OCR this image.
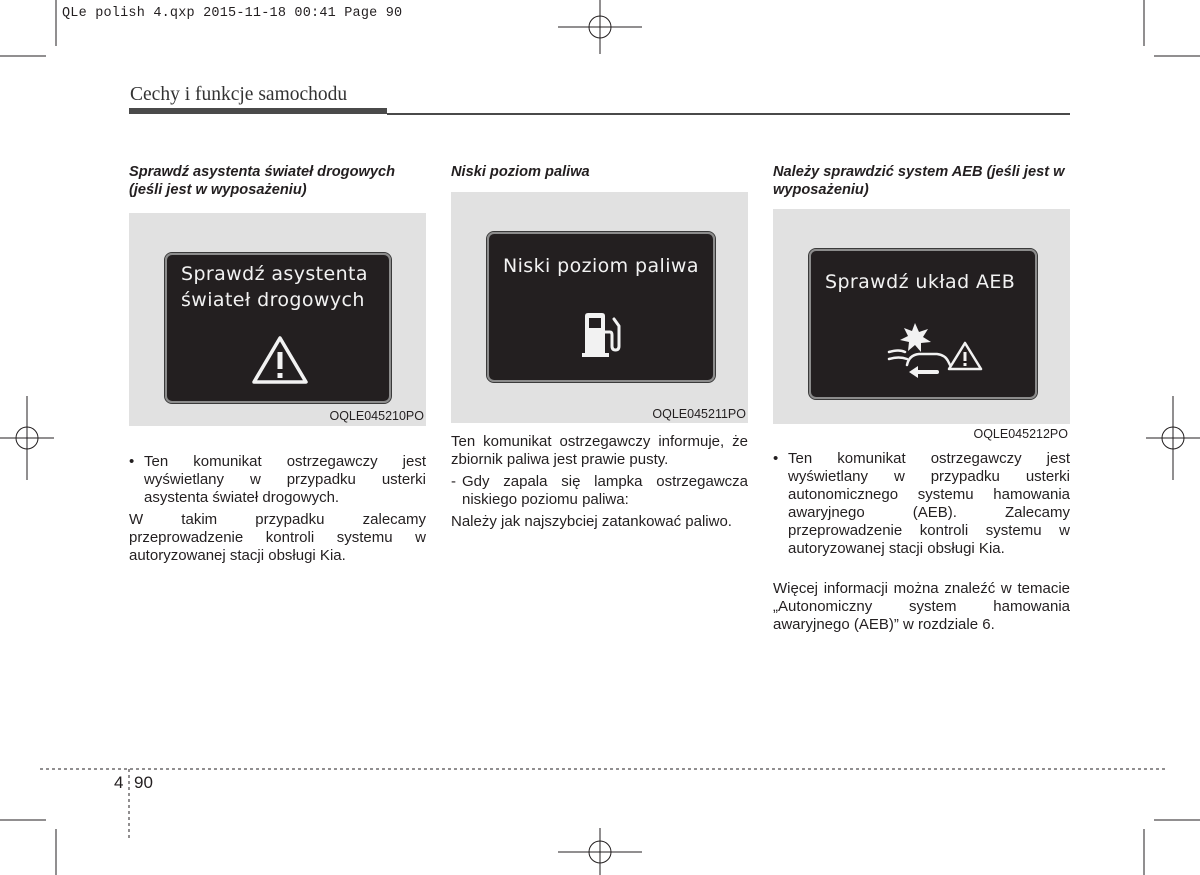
QLe polish 4.qxp 2015-11-18 00:41 Page 90
Cechy i funkcje samochodu
Sprawdź asystenta świateł drogowych (jeśli jest w wyposażeniu)
Sprawdź asystenta
świateł drogowych
OQLE045210PO
• Ten komunikat ostrzegawczy jest wyświetlany w przypadku usterki asystenta świateł drogowych.
W takim przypadku zalecamy przeprowadzenie kontroli systemu w autoryzowanej stacji obsługi Kia.
Niski poziom paliwa
Niski poziom paliwa
OQLE045211PO
Ten komunikat ostrzegawczy informuje, że zbiornik paliwa jest prawie pusty.
- Gdy zapala się lampka ostrzegawcza niskiego poziomu paliwa:
Należy jak najszybciej zatankować paliwo.
Należy sprawdzić system AEB (jeśli jest w wyposażeniu)
Sprawdź układ AEB
OQLE045212PO
• Ten komunikat ostrzegawczy jest wyświetlany w przypadku usterki autonomicznego systemu hamowania awaryjnego (AEB). Zalecamy przeprowadzenie kontroli systemu w autoryzowanej stacji obsługi Kia.
Więcej informacji można znaleźć w temacie „Autonomiczny system hamowania awaryjnego (AEB)” w rozdziale 6.
4 90
